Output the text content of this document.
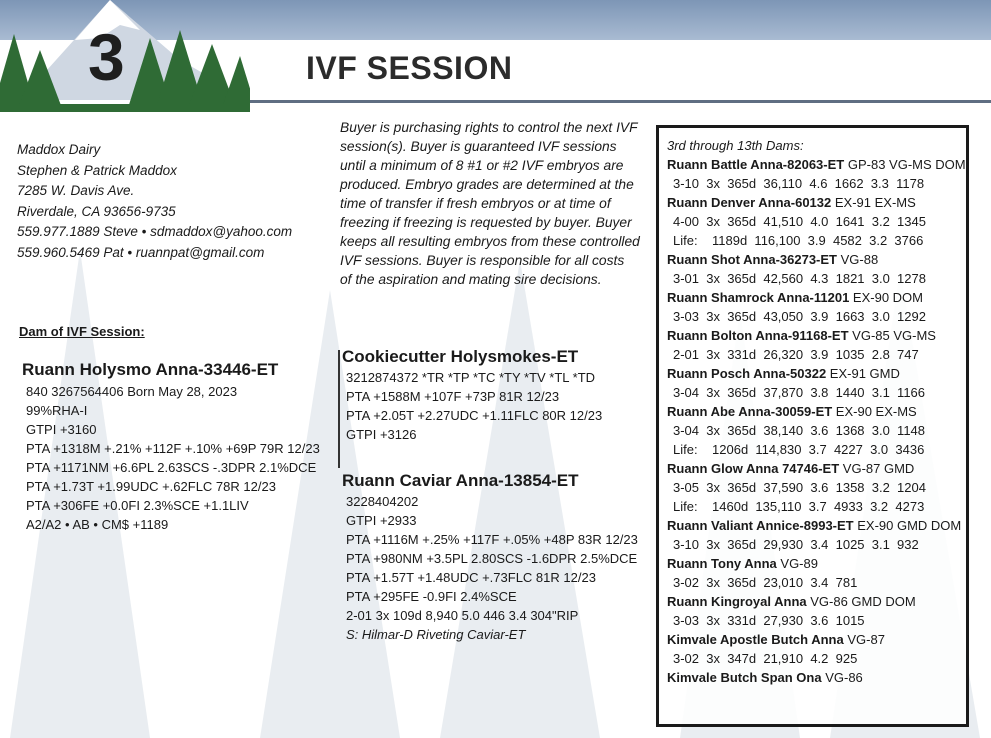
3	IVF SESSION
Maddox Dairy
Stephen & Patrick Maddox
7285 W. Davis Ave.
Riverdale, CA 93656-9735
559.977.1889 Steve • sdmaddox@yahoo.com
559.960.5469 Pat • ruannpat@gmail.com
Buyer is purchasing rights to control the next IVF
session(s). Buyer is guaranteed IVF sessions
until a minimum of 8 #1 or #2 IVF embryos are
produced. Embryo grades are determined at the
time of transfer if fresh embryos or at time of
freezing if freezing is requested by buyer. Buyer
keeps all resulting embryos from these controlled
IVF sessions. Buyer is responsible for all costs
of the aspiration and mating sire decisions.
Dam of IVF Session:
Ruann Holysmo Anna-33446-ET
840 3267564406 Born May 28, 2023
99%RHA-I
GTPI +3160
PTA +1318M +.21% +112F +.10% +69P 79R 12/23
PTA +1171NM +6.6PL 2.63SCS -.3DPR 2.1%DCE
PTA +1.73T +1.99UDC +.62FLC 78R 12/23
PTA +306FE +0.0FI 2.3%SCE +1.1LIV
A2/A2 • AB • CM$ +1189
Cookiecutter Holysmokes-ET
3212874372 *TR *TP *TC *TY *TV *TL *TD
PTA +1588M +107F +73P 81R 12/23
PTA +2.05T +2.27UDC +1.11FLC 80R 12/23
GTPI +3126
Ruann Caviar Anna-13854-ET
3228404202
GTPI +2933
PTA +1116M +.25% +117F +.05% +48P 83R 12/23
PTA +980NM +3.5PL 2.80SCS -1.6DPR 2.5%DCE
PTA +1.57T +1.48UDC +.73FLC 81R 12/23
PTA +295FE -0.9FI 2.4%SCE
2-01 3x 109d 8,940 5.0 446 3.4 304"RIP
S: Hilmar-D Riveting Caviar-ET
3rd through 13th Dams:
Ruann Battle Anna-82063-ET GP-83 VG-MS DOM
3-10  3x  365d  36,110  4.6  1662  3.3  1178
Ruann Denver Anna-60132 EX-91 EX-MS
4-00  3x  365d  41,510  4.0  1641  3.2  1345
Life:    1189d  116,100  3.9  4582  3.2  3766
Ruann Shot Anna-36273-ET VG-88
3-01  3x  365d  42,560  4.3  1821  3.0  1278
Ruann Shamrock Anna-11201 EX-90 DOM
3-03  3x  365d  43,050  3.9  1663  3.0  1292
Ruann Bolton Anna-91168-ET VG-85 VG-MS
2-01  3x  331d  26,320  3.9  1035  2.8  747
Ruann Posch Anna-50322 EX-91 GMD
3-04  3x  365d  37,870  3.8  1440  3.1  1166
Ruann Abe Anna-30059-ET EX-90 EX-MS
3-04  3x  365d  38,140  3.6  1368  3.0  1148
Life:    1206d  114,830  3.7  4227  3.0  3436
Ruann Glow Anna 74746-ET VG-87 GMD
3-05  3x  365d  37,590  3.6  1358  3.2  1204
Life:    1460d  135,110  3.7  4933  3.2  4273
Ruann Valiant Annice-8993-ET EX-90 GMD DOM
3-10  3x  365d  29,930  3.4  1025  3.1  932
Ruann Tony Anna VG-89
3-02  3x  365d  23,010  3.4  781
Ruann Kingroyal Anna VG-86 GMD DOM
3-03  3x  331d  27,930  3.6  1015
Kimvale Apostle Butch Anna VG-87
3-02  3x  347d  21,910  4.2  925
Kimvale Butch Span Ona VG-86
